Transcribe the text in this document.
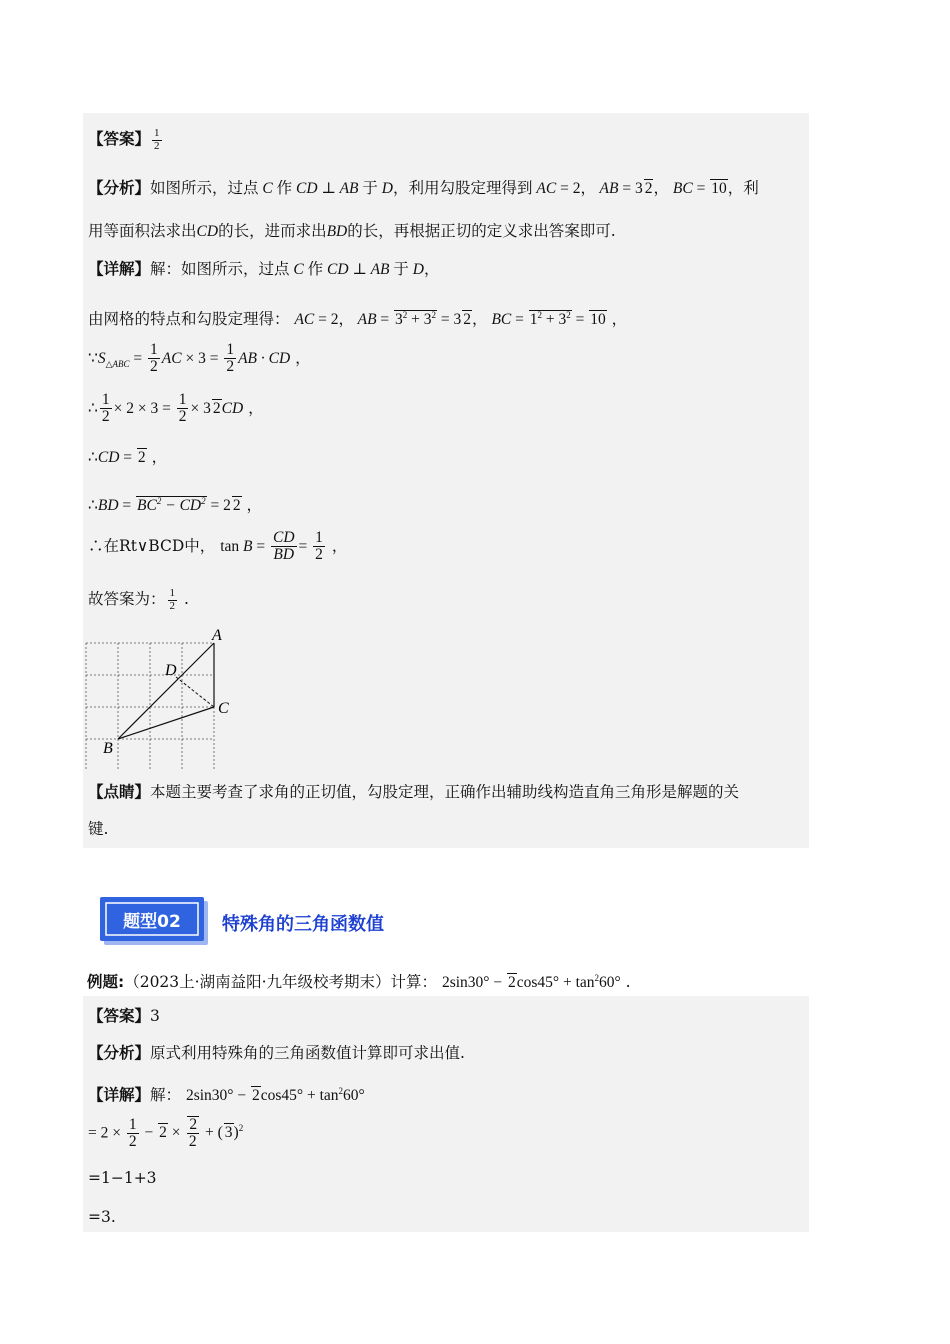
【答案】 $\frac{1}{2}$
【分析】如图所示，过点 C 作 CD ⊥ AB 于 D，利用勾股定理得到 AC = 2， AB = 3 2， BC = 10，利
用等面积法求出CD的长，进而求出BD的长，再根据正切的定义求出答案即可.
【详解】解：如图所示，过点 C 作 CD ⊥ AB 于 D，
由网格的特点和勾股定理得： AC = 2， AB = $3^2 + 3^2 = 3$ 2， BC = $1^2 + 3^2 = 10$ ，
$\because S_{\triangle ABC} = \frac{1}{2}$ AC × $3 = \frac{1}{2}$ AB · CD ，
∴ $\frac{1}{2} \times 2 \times 3 = \frac{1}{2} \times 3$ 2CD ，
∴CD = 2 ，
∴BD = $BC^2 - CD^2 = 2$ 2 ，
∴在Rt∨BCD中， $\tan B = \frac{CD}{BD} = \frac{1}{2}$ ，
故答案为： $\frac{1}{2}$ .
A
D
C
B
【点睛】本题主要考查了求角的正切值，勾股定理，正确作出辅助线构造直角三角形是解题的关
键.
题型02 特殊角的三角函数值
例题:（2023上·湖南益阳·九年级校考期末）计算： $2\sin 30^\circ - 2\cos 45^\circ + \tan^260^\circ$ .
【答案】3
【分析】原式利用特殊角的三角函数值计算即可求出值.
【详解】解： $2\sin 30^\circ - 2\cos 45^\circ + \tan^260^\circ$
= $2 \times \frac{1}{2} - 2 \times \frac{2}{2}$ + ( 3)$^2$
=1−1+3
=3.
